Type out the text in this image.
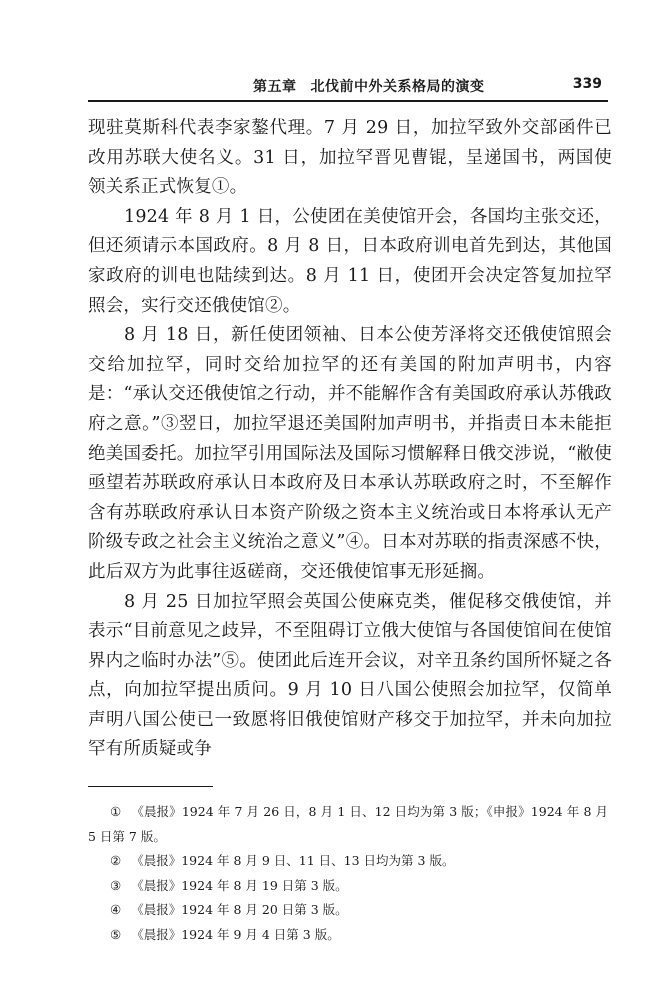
第五章 北伐前中外关系格局的演变	339

现驻莫斯科代表李家鏊代理。7 月 29 日，加拉罕致外交部函件已改用苏联大使名义。31 日，加拉罕晋见曹锟，呈递国书，两国使领关系正式恢复①。

1924 年 8 月 1 日，公使团在美使馆开会，各国均主张交还，但还须请示本国政府。8 月 8 日，日本政府训电首先到达，其他国家政府的训电也陆续到达。8 月 11 日，使团开会决定答复加拉罕照会，实行交还俄使馆②。

8 月 18 日，新任使团领袖、日本公使芳泽将交还俄使馆照会交给加拉罕，同时交给加拉罕的还有美国的附加声明书，内容是：“承认交还俄使馆之行动，并不能解作含有美国政府承认苏俄政府之意。”③翌日，加拉罕退还美国附加声明书，并指责日本未能拒绝美国委托。加拉罕引用国际法及国际习惯解释日俄交涉说，“敝使亟望若苏联政府承认日本政府及日本承认苏联政府之时，不至解作含有苏联政府承认日本资产阶级之资本主义统治或日本将承认无产阶级专政之社会主义统治之意义”④。日本对苏联的指责深感不快，此后双方为此事往返磋商，交还俄使馆事无形延搁。

8 月 25 日加拉罕照会英国公使麻克类，催促移交俄使馆，并表示“目前意见之歧异，不至阻碍订立俄大使馆与各国使馆间在使馆界内之临时办法”⑤。使团此后连开会议，对辛丑条约国所怀疑之各点，向加拉罕提出质问。9 月 10 日八国公使照会加拉罕，仅简单声明八国公使已一致愿将旧俄使馆财产移交于加拉罕，并未向加拉罕有所质疑或争

① 《晨报》1924 年 7 月 26 日，8 月 1 日、12 日均为第 3 版；《申报》1924 年 8 月 5 日第 7 版。

② 《晨报》1924 年 8 月 9 日、11 日、13 日均为第 3 版。

③ 《晨报》1924 年 8 月 19 日第 3 版。

④ 《晨报》1924 年 8 月 20 日第 3 版。

⑤ 《晨报》1924 年 9 月 4 日第 3 版。
